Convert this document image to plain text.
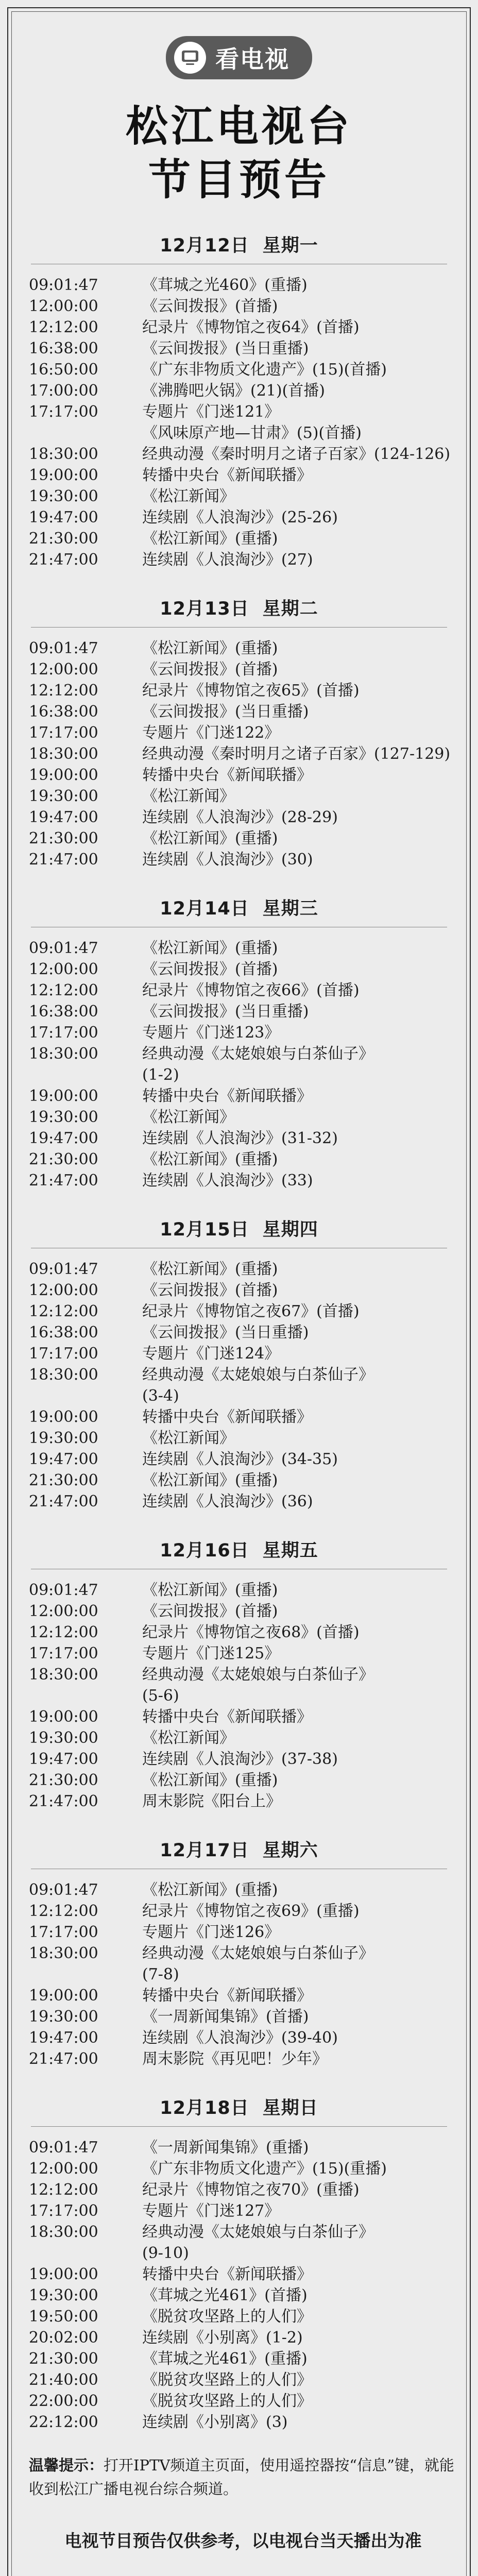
看电视
松江电视台
节目预告
12月12日 星期一
09:01:47	《茸城之光460》(重播)
12:00:00	《云间拨报》(首播)
12:12:00	纪录片《博物馆之夜64》(首播)
16:38:00	《云间拨报》(当日重播)
16:50:00	《广东非物质文化遗产》(15)(首播)
17:00:00	《沸腾吧火锅》(21)(首播)
17:17:00	专题片《门迷121》
《风味原产地—甘肃》(5)(首播)
18:30:00	经典动漫《秦时明月之诸子百家》(124-126)
19:00:00	转播中央台《新闻联播》
19:30:00	《松江新闻》
19:47:00	连续剧《人浪淘沙》(25-26)
21:30:00	《松江新闻》(重播)
21:47:00	连续剧《人浪淘沙》(27)
12月13日 星期二
09:01:47	《松江新闻》(重播)
12:00:00	《云间拨报》(首播)
12:12:00	纪录片《博物馆之夜65》(首播)
16:38:00	《云间拨报》(当日重播)
17:17:00	专题片《门迷122》
18:30:00	经典动漫《秦时明月之诸子百家》(127-129)
19:00:00	转播中央台《新闻联播》
19:30:00	《松江新闻》
19:47:00	连续剧《人浪淘沙》(28-29)
21:30:00	《松江新闻》(重播)
21:47:00	连续剧《人浪淘沙》(30)
12月14日 星期三
09:01:47	《松江新闻》(重播)
12:00:00	《云间拨报》(首播)
12:12:00	纪录片《博物馆之夜66》(首播)
16:38:00	《云间拨报》(当日重播)
17:17:00	专题片《门迷123》
18:30:00	经典动漫《太姥娘娘与白茶仙子》
(1-2)
19:00:00	转播中央台《新闻联播》
19:30:00	《松江新闻》
19:47:00	连续剧《人浪淘沙》(31-32)
21:30:00	《松江新闻》(重播)
21:47:00	连续剧《人浪淘沙》(33)
12月15日 星期四
09:01:47	《松江新闻》(重播)
12:00:00	《云间拨报》(首播)
12:12:00	纪录片《博物馆之夜67》(首播)
16:38:00	《云间拨报》(当日重播)
17:17:00	专题片《门迷124》
18:30:00	经典动漫《太姥娘娘与白茶仙子》
(3-4)
19:00:00	转播中央台《新闻联播》
19:30:00	《松江新闻》
19:47:00	连续剧《人浪淘沙》(34-35)
21:30:00	《松江新闻》(重播)
21:47:00	连续剧《人浪淘沙》(36)
12月16日 星期五
09:01:47	《松江新闻》(重播)
12:00:00	《云间拨报》(首播)
12:12:00	纪录片《博物馆之夜68》(首播)
17:17:00	专题片《门迷125》
18:30:00	经典动漫《太姥娘娘与白茶仙子》
(5-6)
19:00:00	转播中央台《新闻联播》
19:30:00	《松江新闻》
19:47:00	连续剧《人浪淘沙》(37-38)
21:30:00	《松江新闻》(重播)
21:47:00	周末影院《阳台上》
12月17日 星期六
09:01:47	《松江新闻》(重播)
12:12:00	纪录片《博物馆之夜69》(重播)
17:17:00	专题片《门迷126》
18:30:00	经典动漫《太姥娘娘与白茶仙子》
(7-8)
19:00:00	转播中央台《新闻联播》
19:30:00	《一周新闻集锦》(首播)
19:47:00	连续剧《人浪淘沙》(39-40)
21:47:00	周末影院《再见吧！少年》
12月18日 星期日
09:01:47	《一周新闻集锦》(重播)
12:00:00	《广东非物质文化遗产》(15)(重播)
12:12:00	纪录片《博物馆之夜70》(重播)
17:17:00	专题片《门迷127》
18:30:00	经典动漫《太姥娘娘与白茶仙子》
(9-10)
19:00:00	转播中央台《新闻联播》
19:30:00	《茸城之光461》(首播)
19:50:00	《脱贫攻坚路上的人们》
20:02:00	连续剧《小别离》(1-2)
21:30:00	《茸城之光461》(重播)
21:40:00	《脱贫攻坚路上的人们》
22:00:00	《脱贫攻坚路上的人们》
22:12:00	连续剧《小别离》(3)
温馨提示：打开IPTV频道主页面，使用遥控器按“信息”键，就能收到松江广播电视台综合频道。
电视节目预告仅供参考，以电视台当天播出为准
